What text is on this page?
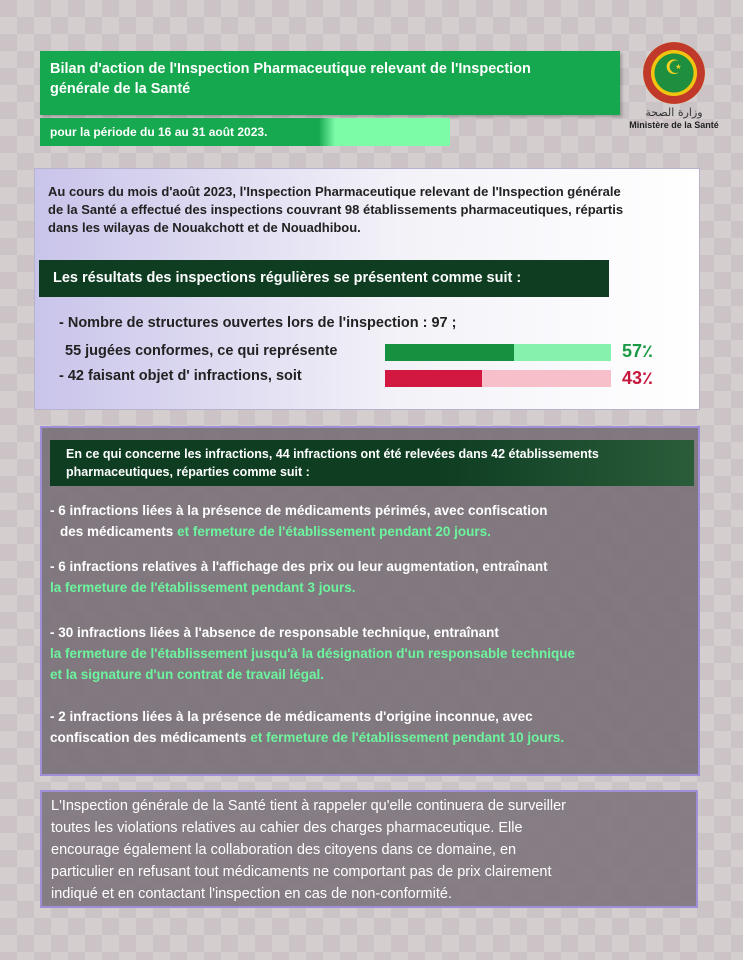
Bilan d'action de l'Inspection Pharmaceutique relevant de l'Inspection
générale de la Santé
pour la période du 16 au 31 août 2023.
☪
وزارة الصحة
Ministère de la Santé
Au cours du mois d'août 2023, l'Inspection Pharmaceutique relevant de l'Inspection générale
de la Santé a effectué des inspections couvrant 98 établissements pharmaceutiques, répartis
dans les wilayas de Nouakchott et de Nouadhibou.
Les résultats des inspections régulières se présentent comme suit :
- Nombre de structures ouvertes lors de l'inspection : 97 ;
55 jugées conformes, ce qui représente	57٪
- 42 faisant objet d' infractions, soit	43٪
En ce qui concerne les infractions, 44 infractions ont été relevées dans 42 établissements
pharmaceutiques, réparties comme suit :
- 6 infractions liées à la présence de médicaments périmés, avec confiscation
des médicaments et fermeture de l'établissement pendant 20 jours.
- 6 infractions relatives à l'affichage des prix ou leur augmentation, entraînant
la fermeture de l'établissement pendant 3 jours.
- 30 infractions liées à l'absence de responsable technique, entraînant
la fermeture de l'établissement jusqu'à la désignation d'un responsable technique
et la signature d'un contrat de travail légal.
- 2 infractions liées à la présence de médicaments d'origine inconnue, avec
confiscation des médicaments et fermeture de l'établissement pendant 10 jours.
L'Inspection générale de la Santé tient à rappeler qu'elle continuera de surveiller
toutes les violations relatives au cahier des charges pharmaceutique. Elle
encourage également la collaboration des citoyens dans ce domaine, en
particulier en refusant tout médicaments ne comportant pas de prix clairement
indiqué et en contactant l'inspection en cas de non-conformité.
